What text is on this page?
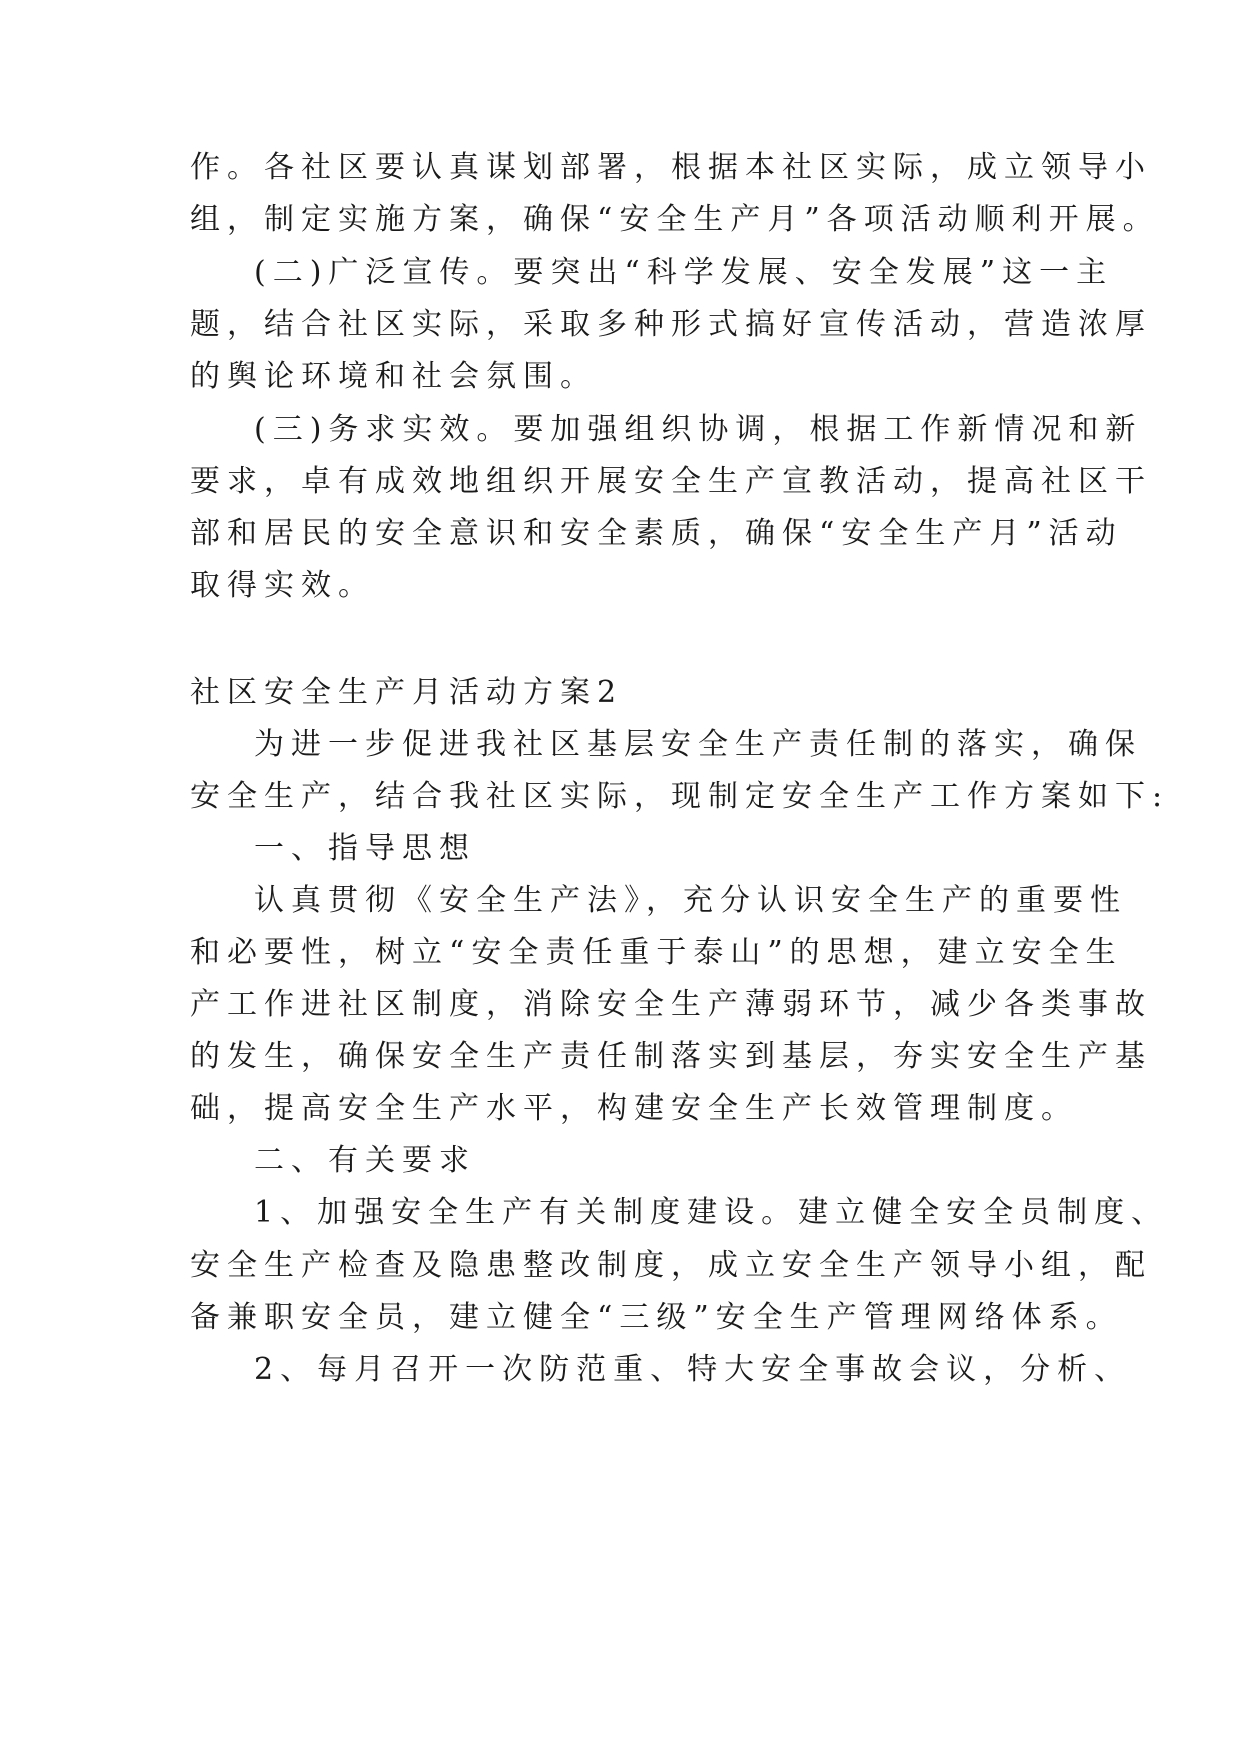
作。各社区要认真谋划部署，根据本社区实际，成立领导小

组，制定实施方案，确保“安全生产月”各项活动顺利开展。

(二)广泛宣传。要突出“科学发展、安全发展”这一主

题，结合社区实际，采取多种形式搞好宣传活动，营造浓厚

的舆论环境和社会氛围。

(三)务求实效。要加强组织协调，根据工作新情况和新

要求，卓有成效地组织开展安全生产宣教活动，提高社区干

部和居民的安全意识和安全素质，确保“安全生产月”活动

取得实效。

社区安全生产月活动方案2

为进一步促进我社区基层安全生产责任制的落实，确保

安全生产，结合我社区实际，现制定安全生产工作方案如下:

一、指导思想

认真贯彻《安全生产法》，充分认识安全生产的重要性

和必要性，树立“安全责任重于泰山”的思想，建立安全生

产工作进社区制度，消除安全生产薄弱环节，减少各类事故

的发生，确保安全生产责任制落实到基层，夯实安全生产基

础，提高安全生产水平，构建安全生产长效管理制度。

二、有关要求

1、加强安全生产有关制度建设。建立健全安全员制度、

安全生产检查及隐患整改制度，成立安全生产领导小组，配

备兼职安全员，建立健全“三级”安全生产管理网络体系。

2、每月召开一次防范重、特大安全事故会议，分析、
